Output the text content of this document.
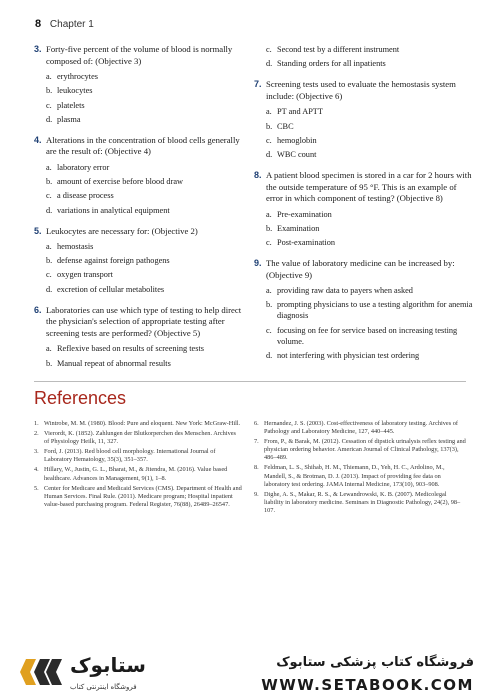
8 Chapter 1
3. Forty-five percent of the volume of blood is normally composed of: (Objective 3)
a. erythrocytes
b. leukocytes
c. platelets
d. plasma
4. Alterations in the concentration of blood cells generally are the result of: (Objective 4)
a. laboratory error
b. amount of exercise before blood draw
c. a disease process
d. variations in analytical equipment
5. Leukocytes are necessary for: (Objective 2)
a. hemostasis
b. defense against foreign pathogens
c. oxygen transport
d. excretion of cellular metabolites
6. Laboratories can use which type of testing to help direct the physician's selection of appropriate testing after screening tests are performed? (Objective 5)
a. Reflexive based on results of screening tests
b. Manual repeat of abnormal results
c. Second test by a different instrument
d. Standing orders for all inpatients
7. Screening tests used to evaluate the hemostasis system include: (Objective 6)
a. PT and APTT
b. CBC
c. hemoglobin
d. WBC count
8. A patient blood specimen is stored in a car for 2 hours with the outside temperature of 95 °F. This is an example of error in which component of testing? (Objective 8)
a. Pre-examination
b. Examination
c. Post-examination
9. The value of laboratory medicine can be increased by: (Objective 9)
a. providing raw data to payers when asked
b. prompting physicians to use a testing algorithm for anemia diagnosis
c. focusing on fee for service based on increasing testing volume.
d. not interfering with physician test ordering
References
1. Wintrobe, M. M. (1980). Blood: Pure and eloquent. New York: McGraw-Hill.
2. Vierordt, K. (1852). Zahlungen der Blutkorperchen des Menschen. Archives of Physiology Heilk, 11, 327.
3. Ford, J. (2013). Red blood cell morphology. International Journal of Laboratory Hematology, 35(3), 351–357.
4. Hillary, W., Justin, G. L., Bharat, M., & Jitendra, M. (2016). Value based healthcare. Advances in Management, 9(1), 1–8.
5. Center for Medicare and Medicaid Services (CMS). Department of Health and Human Services. Final Rule. (2011). Medicare program; Hospital inpatient value-based purchasing program. Federal Register, 76(88), 26489–26547.
6. Hernandez, J. S. (2003). Cost-effectiveness of laboratory testing. Archives of Pathology and Laboratory Medicine, 127, 440–445.
7. From, P., & Barak, M. (2012). Cessation of dipstick urinalysis reflex testing and physician ordering behavior. American Journal of Clinical Pathology, 137(3), 486–489.
8. Feldman, L. S., Shihab, H. M., Thiemann, D., Yeh, H. C., Ardolino, M., Mandell, S., & Brotman, D. J. (2013). Impact of providing fee data on laboratory test ordering. JAMA Internal Medicine, 173(10), 903–908.
9. Dighe, A. S., Makar, R. S., & Lewandrowski, K. B. (2007). Medicolegal liability in laboratory medicine. Seminars in Diagnostic Pathology, 24(2), 98–107.
ستابوک
فروشگاه اینترنتی کتاب
فروشگاه کتاب پزشکی ستابوک
WWW.SETABOOK.COM
